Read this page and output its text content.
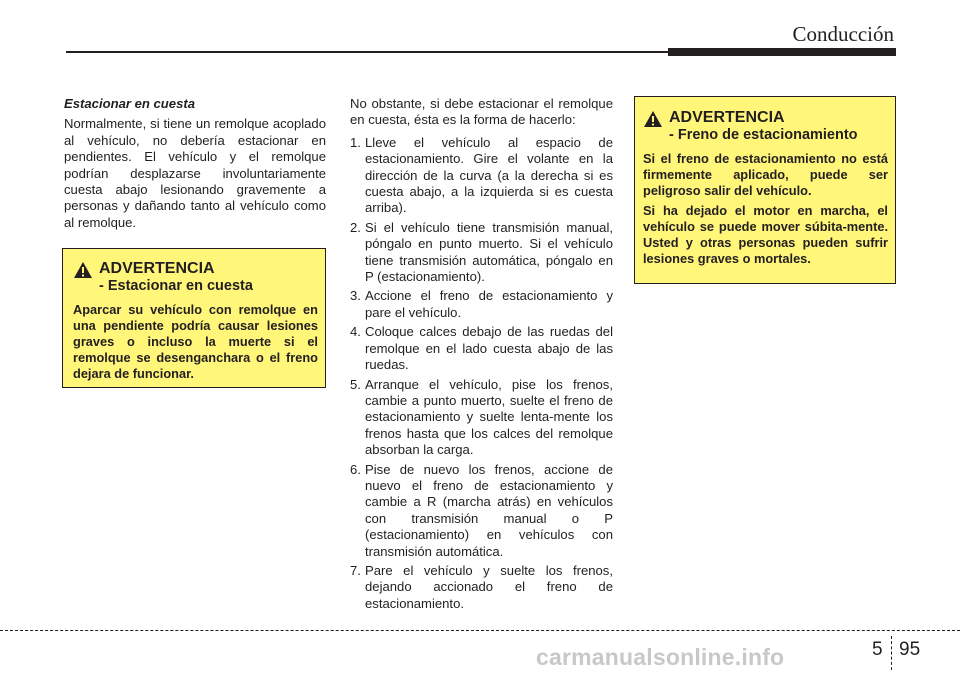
Conducción

Estacionar en cuesta

Normalmente, si tiene un remolque acoplado al vehículo, no debería estacionar en pendientes. El vehículo y el remolque podrían desplazarse involuntariamente cuesta abajo lesionando gravemente a personas y dañando tanto al vehículo como al remolque.

ADVERTENCIA
- Estacionar en cuesta

Aparcar su vehículo con remolque en una pendiente podría causar lesiones graves o incluso la muerte si el remolque se desenganchara o el freno dejara de funcionar.

No obstante, si debe estacionar el remolque en cuesta, ésta es la forma de hacerlo:

1. Lleve el vehículo al espacio de estacionamiento. Gire el volante en la dirección de la curva (a la derecha si es cuesta abajo, a la izquierda si es cuesta arriba).
2. Si el vehículo tiene transmisión manual, póngalo en punto muerto. Si el vehículo tiene transmisión automática, póngalo en P (estacionamiento).
3. Accione el freno de estacionamiento y pare el vehículo.
4. Coloque calces debajo de las ruedas del remolque en el lado cuesta abajo de las ruedas.
5. Arranque el vehículo, pise los frenos, cambie a punto muerto, suelte el freno de estacionamiento y suelte lenta-mente los frenos hasta que los calces del remolque absorban la carga.
6. Pise de nuevo los frenos, accione de nuevo el freno de estacionamiento y cambie a R (marcha atrás) en vehículos con transmisión manual o P (estacionamiento) en vehículos con transmisión automática.
7. Pare el vehículo y suelte los frenos, dejando accionado el freno de estacionamiento.
ADVERTENCIA
- Freno de estacionamiento

Si el freno de estacionamiento no está firmemente aplicado, puede ser peligroso salir del vehículo.

Si ha dejado el motor en marcha, el vehículo se puede mover súbita-mente. Usted y otras personas pueden sufrir lesiones graves o mortales.

5 95
carmanualsonline.info
